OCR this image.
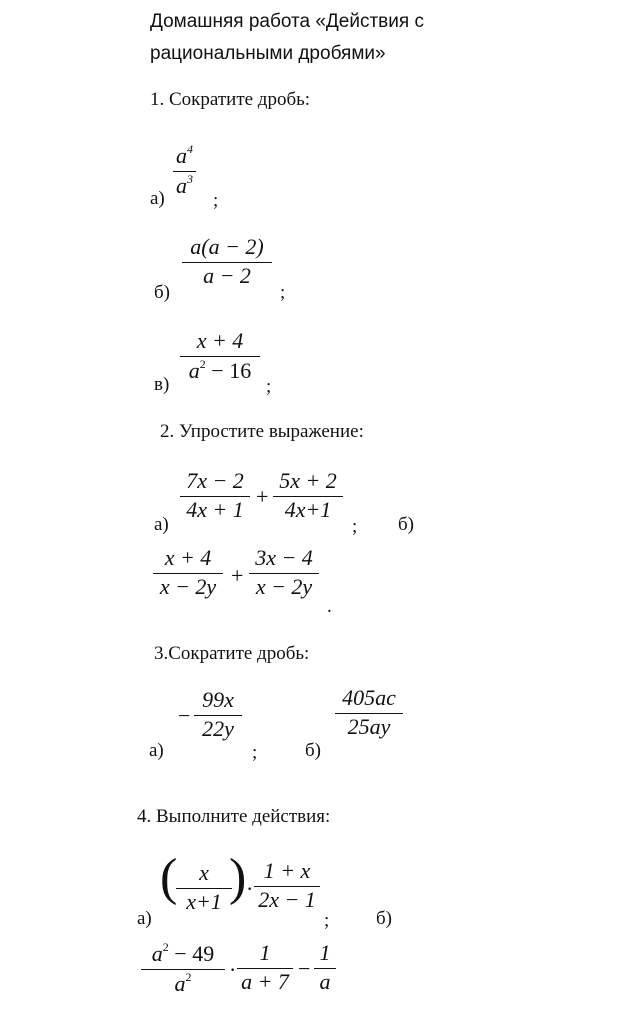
Домашняя работа «Действия с
рациональными дробями»
1. Сократите дробь:
$а) \frac{a^4}{a^3}$
;
б)
$\frac{a(a - 2)}{a - 2}$
;
в)
$\frac{x + 4}{a^2 - 16}$
;
2. Упростите выражение:
а)
$\frac{7x - 2}{4x + 1} + \frac{5x + 2}{4x+1}$
; б)
$\frac{x + 4}{x - 2y} + \frac{3x - 4}{x - 2y}$
.
3.Сократите дробь:
а)
− $\frac{99x}{22y}$
;	б)
$\frac{405ac}{25ay}$
4. Выполните действия:
а)
(
$\frac{x}{x+1}$
) · $\frac{1 + x}{2x - 1}$
; б)
$\frac{a^2 - 49}{a^2} \cdot \frac{1}{a + 7} - \frac{1}{a}$
